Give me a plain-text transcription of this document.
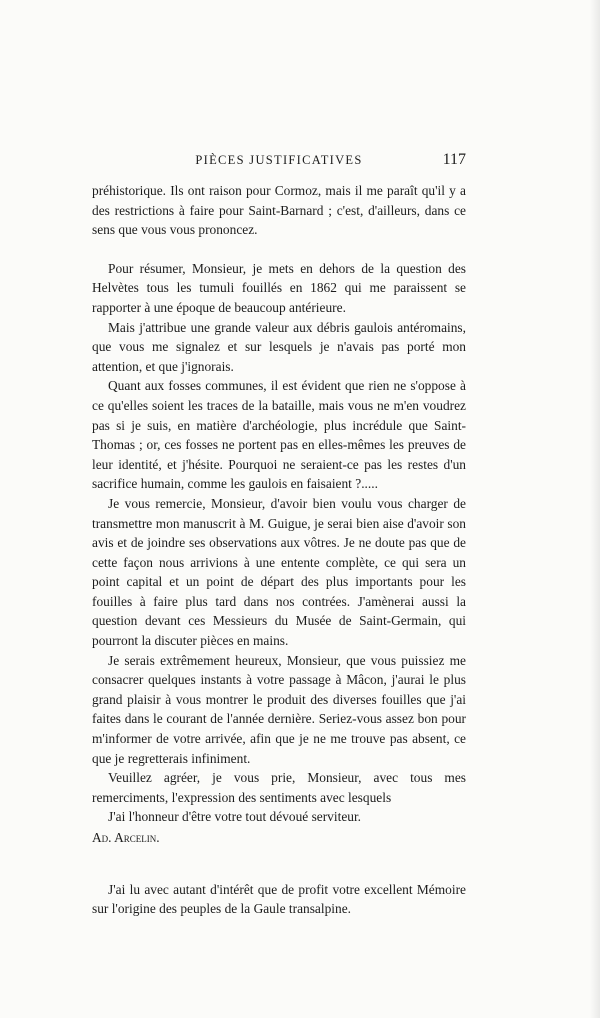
PIÈCES JUSTIFICATIVES	117

préhistorique. Ils ont raison pour Cormoz, mais il me paraît qu'il y a des restrictions à faire pour Saint-Barnard ; c'est, d'ailleurs, dans ce sens que vous vous prononcez.

Pour résumer, Monsieur, je mets en dehors de la question des Helvètes tous les tumuli fouillés en 1862 qui me paraissent se rapporter à une époque de beaucoup antérieure.

Mais j'attribue une grande valeur aux débris gaulois antéromains, que vous me signalez et sur lesquels je n'avais pas porté mon attention, et que j'ignorais.

Quant aux fosses communes, il est évident que rien ne s'oppose à ce qu'elles soient les traces de la bataille, mais vous ne m'en voudrez pas si je suis, en matière d'archéologie, plus incrédule que Saint-Thomas ; or, ces fosses ne portent pas en elles-mêmes les preuves de leur identité, et j'hésite. Pourquoi ne seraient-ce pas les restes d'un sacrifice humain, comme les gaulois en faisaient ?.....

Je vous remercie, Monsieur, d'avoir bien voulu vous charger de transmettre mon manuscrit à M. Guigue, je serai bien aise d'avoir son avis et de joindre ses observations aux vôtres. Je ne doute pas que de cette façon nous arrivions à une entente complète, ce qui sera un point capital et un point de départ des plus importants pour les fouilles à faire plus tard dans nos contrées. J'amènerai aussi la question devant ces Messieurs du Musée de Saint-Germain, qui pourront la discuter pièces en mains.

Je serais extrêmement heureux, Monsieur, que vous puissiez me consacrer quelques instants à votre passage à Mâcon, j'aurai le plus grand plaisir à vous montrer le produit des diverses fouilles que j'ai faites dans le courant de l'année dernière. Seriez-vous assez bon pour m'informer de votre arrivée, afin que je ne me trouve pas absent, ce que je regretterais infiniment.

Veuillez agréer, je vous prie, Monsieur, avec tous mes remerciments, l'expression des sentiments avec lesquels

J'ai l'honneur d'être votre tout dévoué serviteur.

Ad. Arcelin.

J'ai lu avec autant d'intérêt que de profit votre excellent Mémoire sur l'origine des peuples de la Gaule transalpine.
